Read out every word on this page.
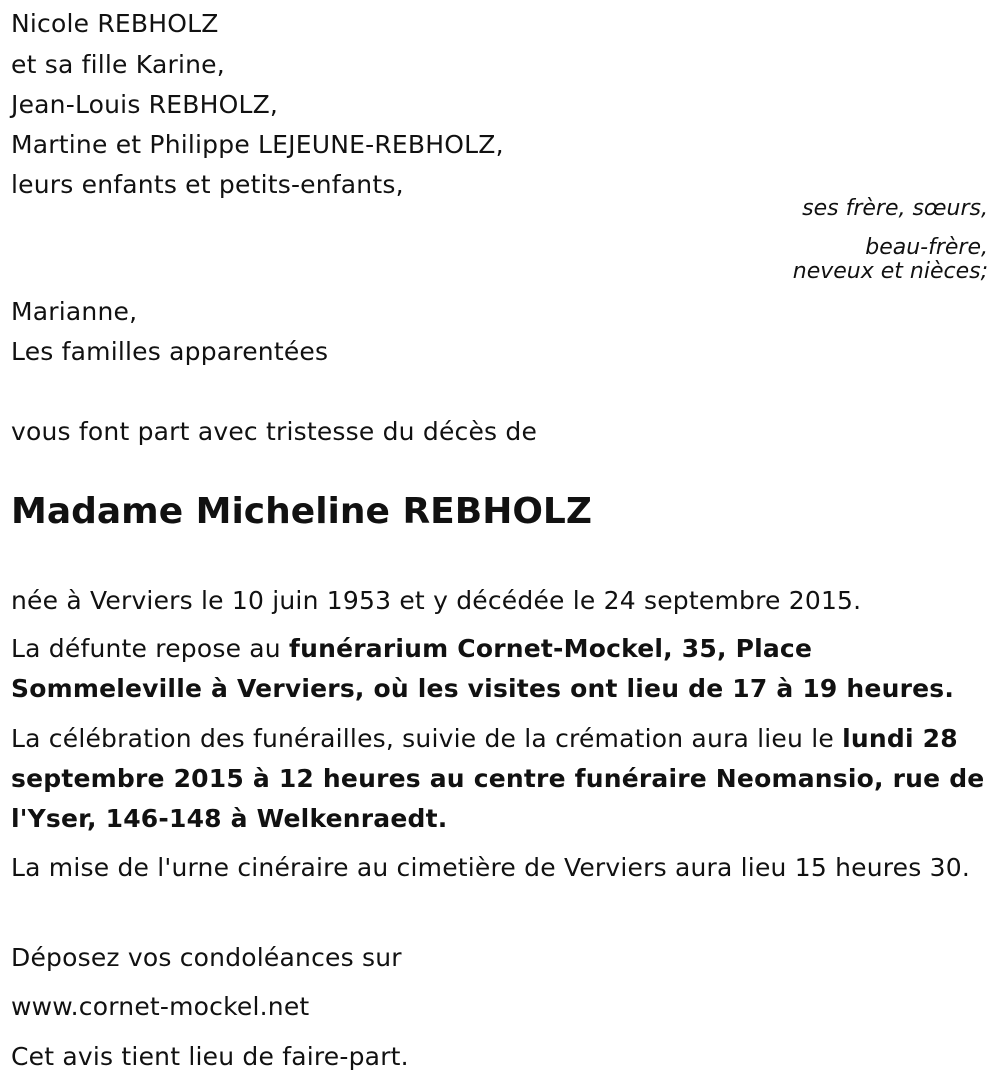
Nicole REBHOLZ
et sa fille Karine,
Jean-Louis REBHOLZ,
Martine et Philippe LEJEUNE-REBHOLZ,
leurs enfants et petits-enfants,
ses frère, sœurs,
beau-frère,
neveux et nièces;
Marianne,
Les familles apparentées
vous font part avec tristesse du décès de
Madame Micheline REBHOLZ
née à Verviers le 10 juin 1953 et y décédée le 24 septembre 2015.
La défunte repose au funérarium Cornet-Mockel, 35, Place Sommeleville à Verviers, où les visites ont lieu de 17 à 19 heures.
La célébration des funérailles, suivie de la crémation aura lieu le lundi 28 septembre 2015 à 12 heures au centre funéraire Neomansio, rue de l'Yser, 146-148 à Welkenraedt.
La mise de l'urne cinéraire au cimetière de Verviers aura lieu 15 heures 30.
Déposez vos condoléances sur
www.cornet-mockel.net
Cet avis tient lieu de faire-part.
